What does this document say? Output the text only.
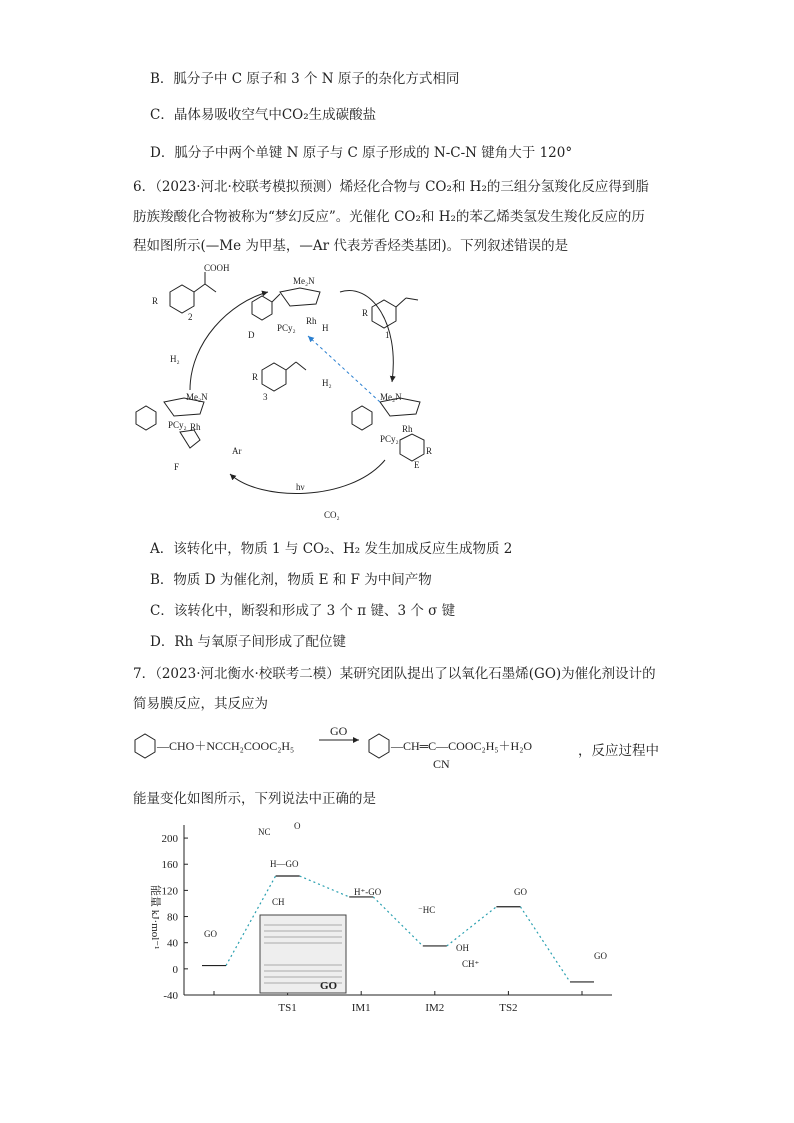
B．胍分子中 C 原子和 3 个 N 原子的杂化方式相同
C．晶体易吸收空气中CO₂生成碳酸盐
D．胍分子中两个单键 N 原子与 C 原子形成的 N-C-N 键角大于 120°
6．（2023·河北·校联考模拟预测）烯烃化合物与 CO₂和 H₂的三组分氢羧化反应得到脂
肪族羧酸化合物被称为“梦幻反应”。光催化 CO₂和 H₂的苯乙烯类氢发生羧化反应的历
程如图所示(—Me 为甲基，—Ar 代表芳香烃类基团)。下列叙述错误的是
COOH
R
2
Me₂N
D
PCy₂
Rh
H
R
1
H₂
R
3
H₂
Me₂N
PCy₂ Rh
Ar
F
Me₂N
PCy₂
Rh
R
E
hν
CO₂
A．该转化中，物质 1 与 CO₂、H₂ 发生加成反应生成物质 2
B．物质 D 为催化剂，物质 E 和 F 为中间产物
C．该转化中，断裂和形成了 3 个 π 键、3 个 σ 键
D．Rh 与氧原子间形成了配位键
7．（2023·河北衡水·校联考二模）某研究团队提出了以氧化石墨烯(GO)为催化剂设计的
简易膜反应，其反应为
—CHO＋NCCH₂COOC₂H₅
GO
—CH═C—COOC₂H₅＋H₂O
CN
，反应过程中
能量变化如图所示，下列说法中正确的是
200
160
120
80
40
0
-40
TS1	IM1	IM2	TS2
能量 kJ·mol⁻¹
GO
NC
O
H—GO
CH
H⁺-GO
⁻HC
GO
OH
CH⁺
GO
GO
